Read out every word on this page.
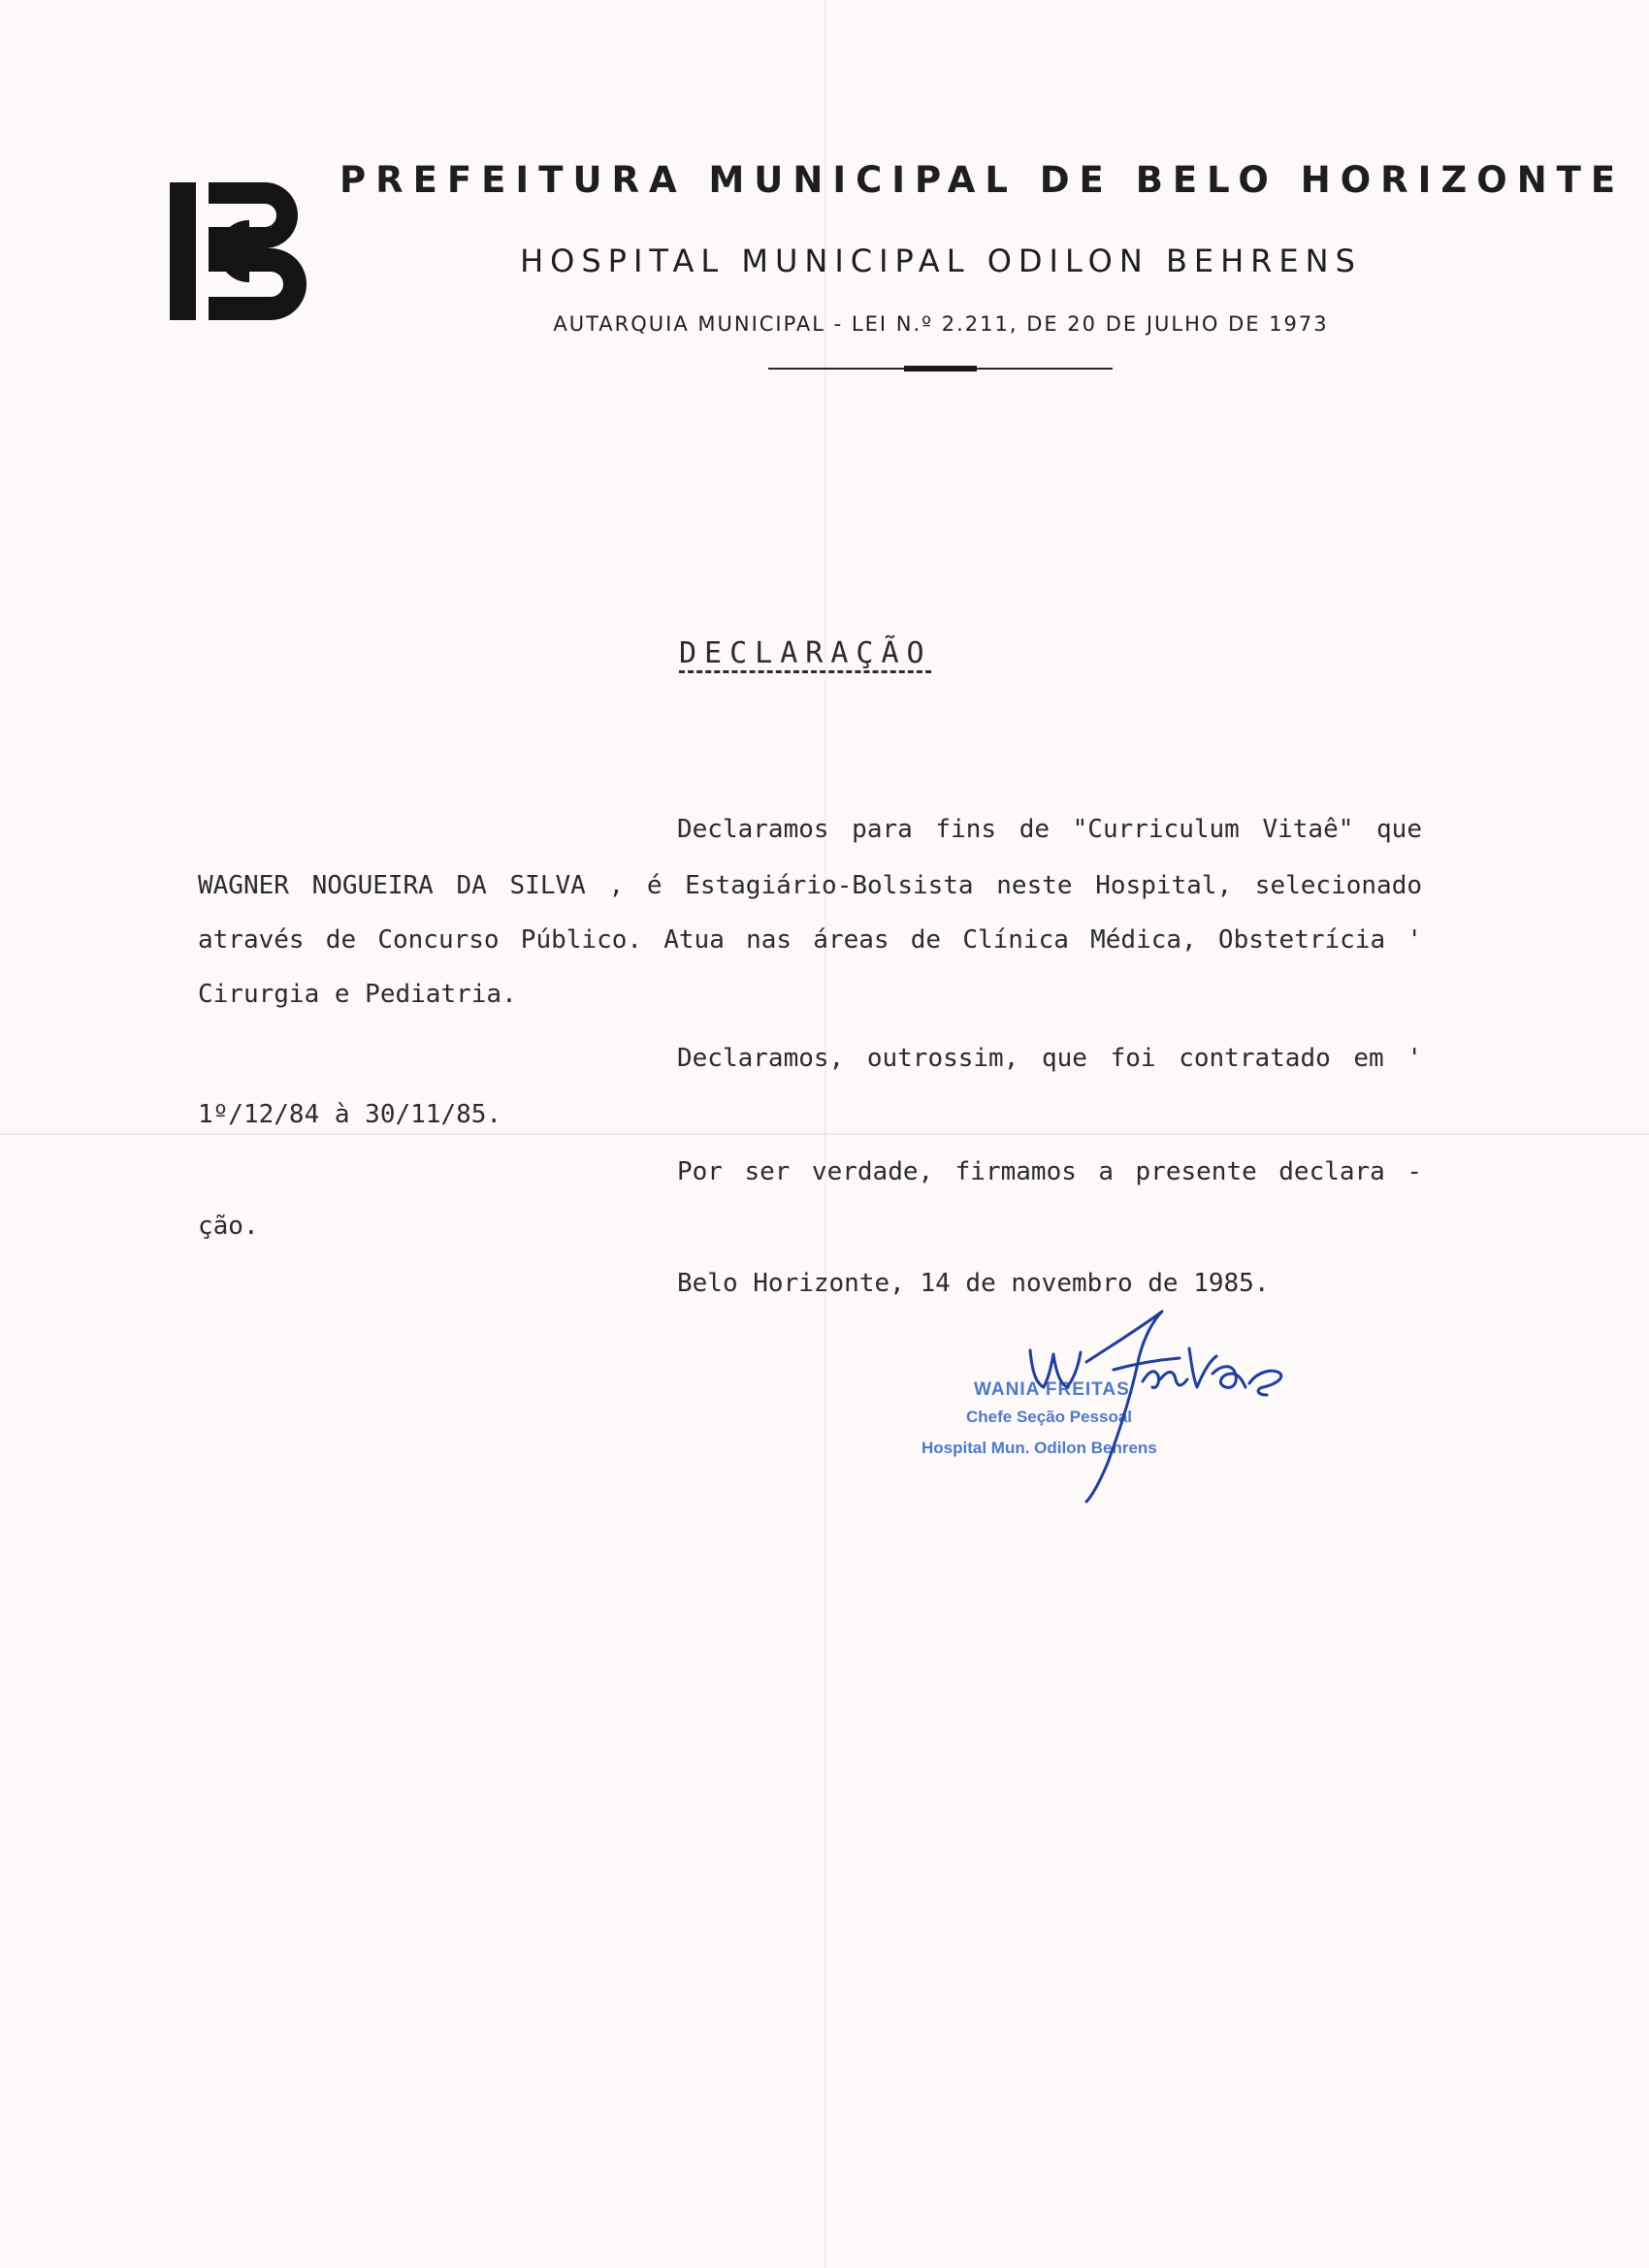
PREFEITURA MUNICIPAL DE BELO HORIZONTE
HOSPITAL MUNICIPAL ODILON BEHRENS
AUTARQUIA MUNICIPAL - LEI N.º 2.211, DE 20 DE JULHO DE 1973
DECLARAÇÃO
Declaramos para fins de "Curriculum Vitaê" que
WAGNER NOGUEIRA DA SILVA , é Estagiário-Bolsista neste Hospital, selecionado
através de Concurso Público. Atua nas áreas de Clínica Médica, Obstetrícia '
Cirurgia e Pediatria.
Declaramos, outrossim, que foi contratado em '
1º/12/84 à 30/11/85.
Por ser verdade, firmamos a presente declara -
ção.
Belo Horizonte, 14 de novembro de 1985.
WANIA FREITAS
Chefe Seção Pessoal
Hospital Mun. Odilon Behrens
